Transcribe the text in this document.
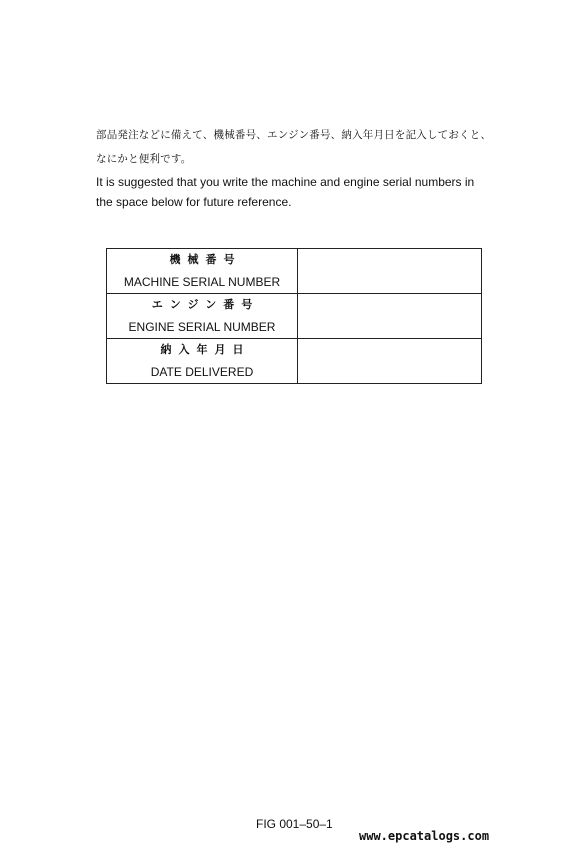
部品発注などに備えて、機械番号、エンジン番号、納入年月日を記入しておくと、
なにかと便利です。
It is suggested that you write the machine and engine serial numbers in
the space below for future reference.
機械番号
MACHINE SERIAL NUMBER	

エンジン番号
ENGINE SERIAL NUMBER	

納入年月日
DATE DELIVERED	

FIG 001–50–1
www.epcatalogs.com
